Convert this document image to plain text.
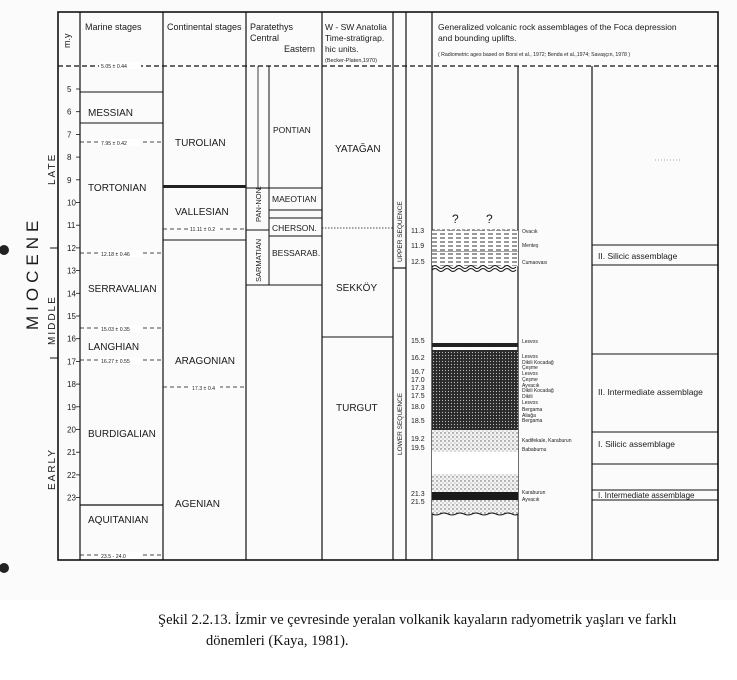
m.y
Marine stages	Continental stages Paratethys
Central
Eastern
W - SW Anatolia
Time-stratigrap.
hic units.
(Becker-Platen,1970)
Generalized volcanic rock assemblages of the Foca depression
and bounding uplifts.
( Radiometric ages based on Borsi et al., 1972; Benda et al.,1974; Savaşçın, 1978 )
MIOCENE
LATE
MIDDLE
EARLY
5
6
7
8
9
10
11
12
13
14
15
16
17
18
19
20
21
22
23
MESSIAN
TORTONIAN
SERRAVALIAN
LANGHIAN
BURDIGALIAN
AQUITANIAN
5.05 ± 0.44
7.95 ± 0.42
12.18 ± 0.46
15.03 ± 0.35
16.27 ± 0.55
23.5 - 24.0
TUROLIAN
VALLESIAN
ARAGONIAN
AGENIAN
11.11 ± 0.2
17.3 ± 0.4
PAN-NON.
SARMATIAN
PONTIAN
MAEOTIAN
CHERSON.
BESSARAB.
YATAĞAN
SEKKÖY
TURGUT
UPPER SEQUENCE
LOWER SEQUENCE
? ?
11.3
11.9
12.5
15.5
16.2
16.7
17.0
17.3
17.5
18.0
18.5
19.2
19.5
21.3
21.5
Ovacık
Menteş
Cumaovası
Lesvos
Lesvos
Dikili Kocadağ
Çeşme
Lesvos
Çeşme
Ayvacık
Dikili Kocadağ
Dikili
Lesvos
Bergama
Aliağa
Bergama
Kadifekale, Karaburun
Bababurnu
Karaburun
Ayvacık
II. Silicic assemblage
II. Intermediate assemblage
I. Silicic assemblage
I. Intermediate assemblage
Şekil 2.2.13. İzmir ve çevresinde yeralan volkanik kayaların radyometrik yaşları ve farklı
dönemleri (Kaya, 1981).
